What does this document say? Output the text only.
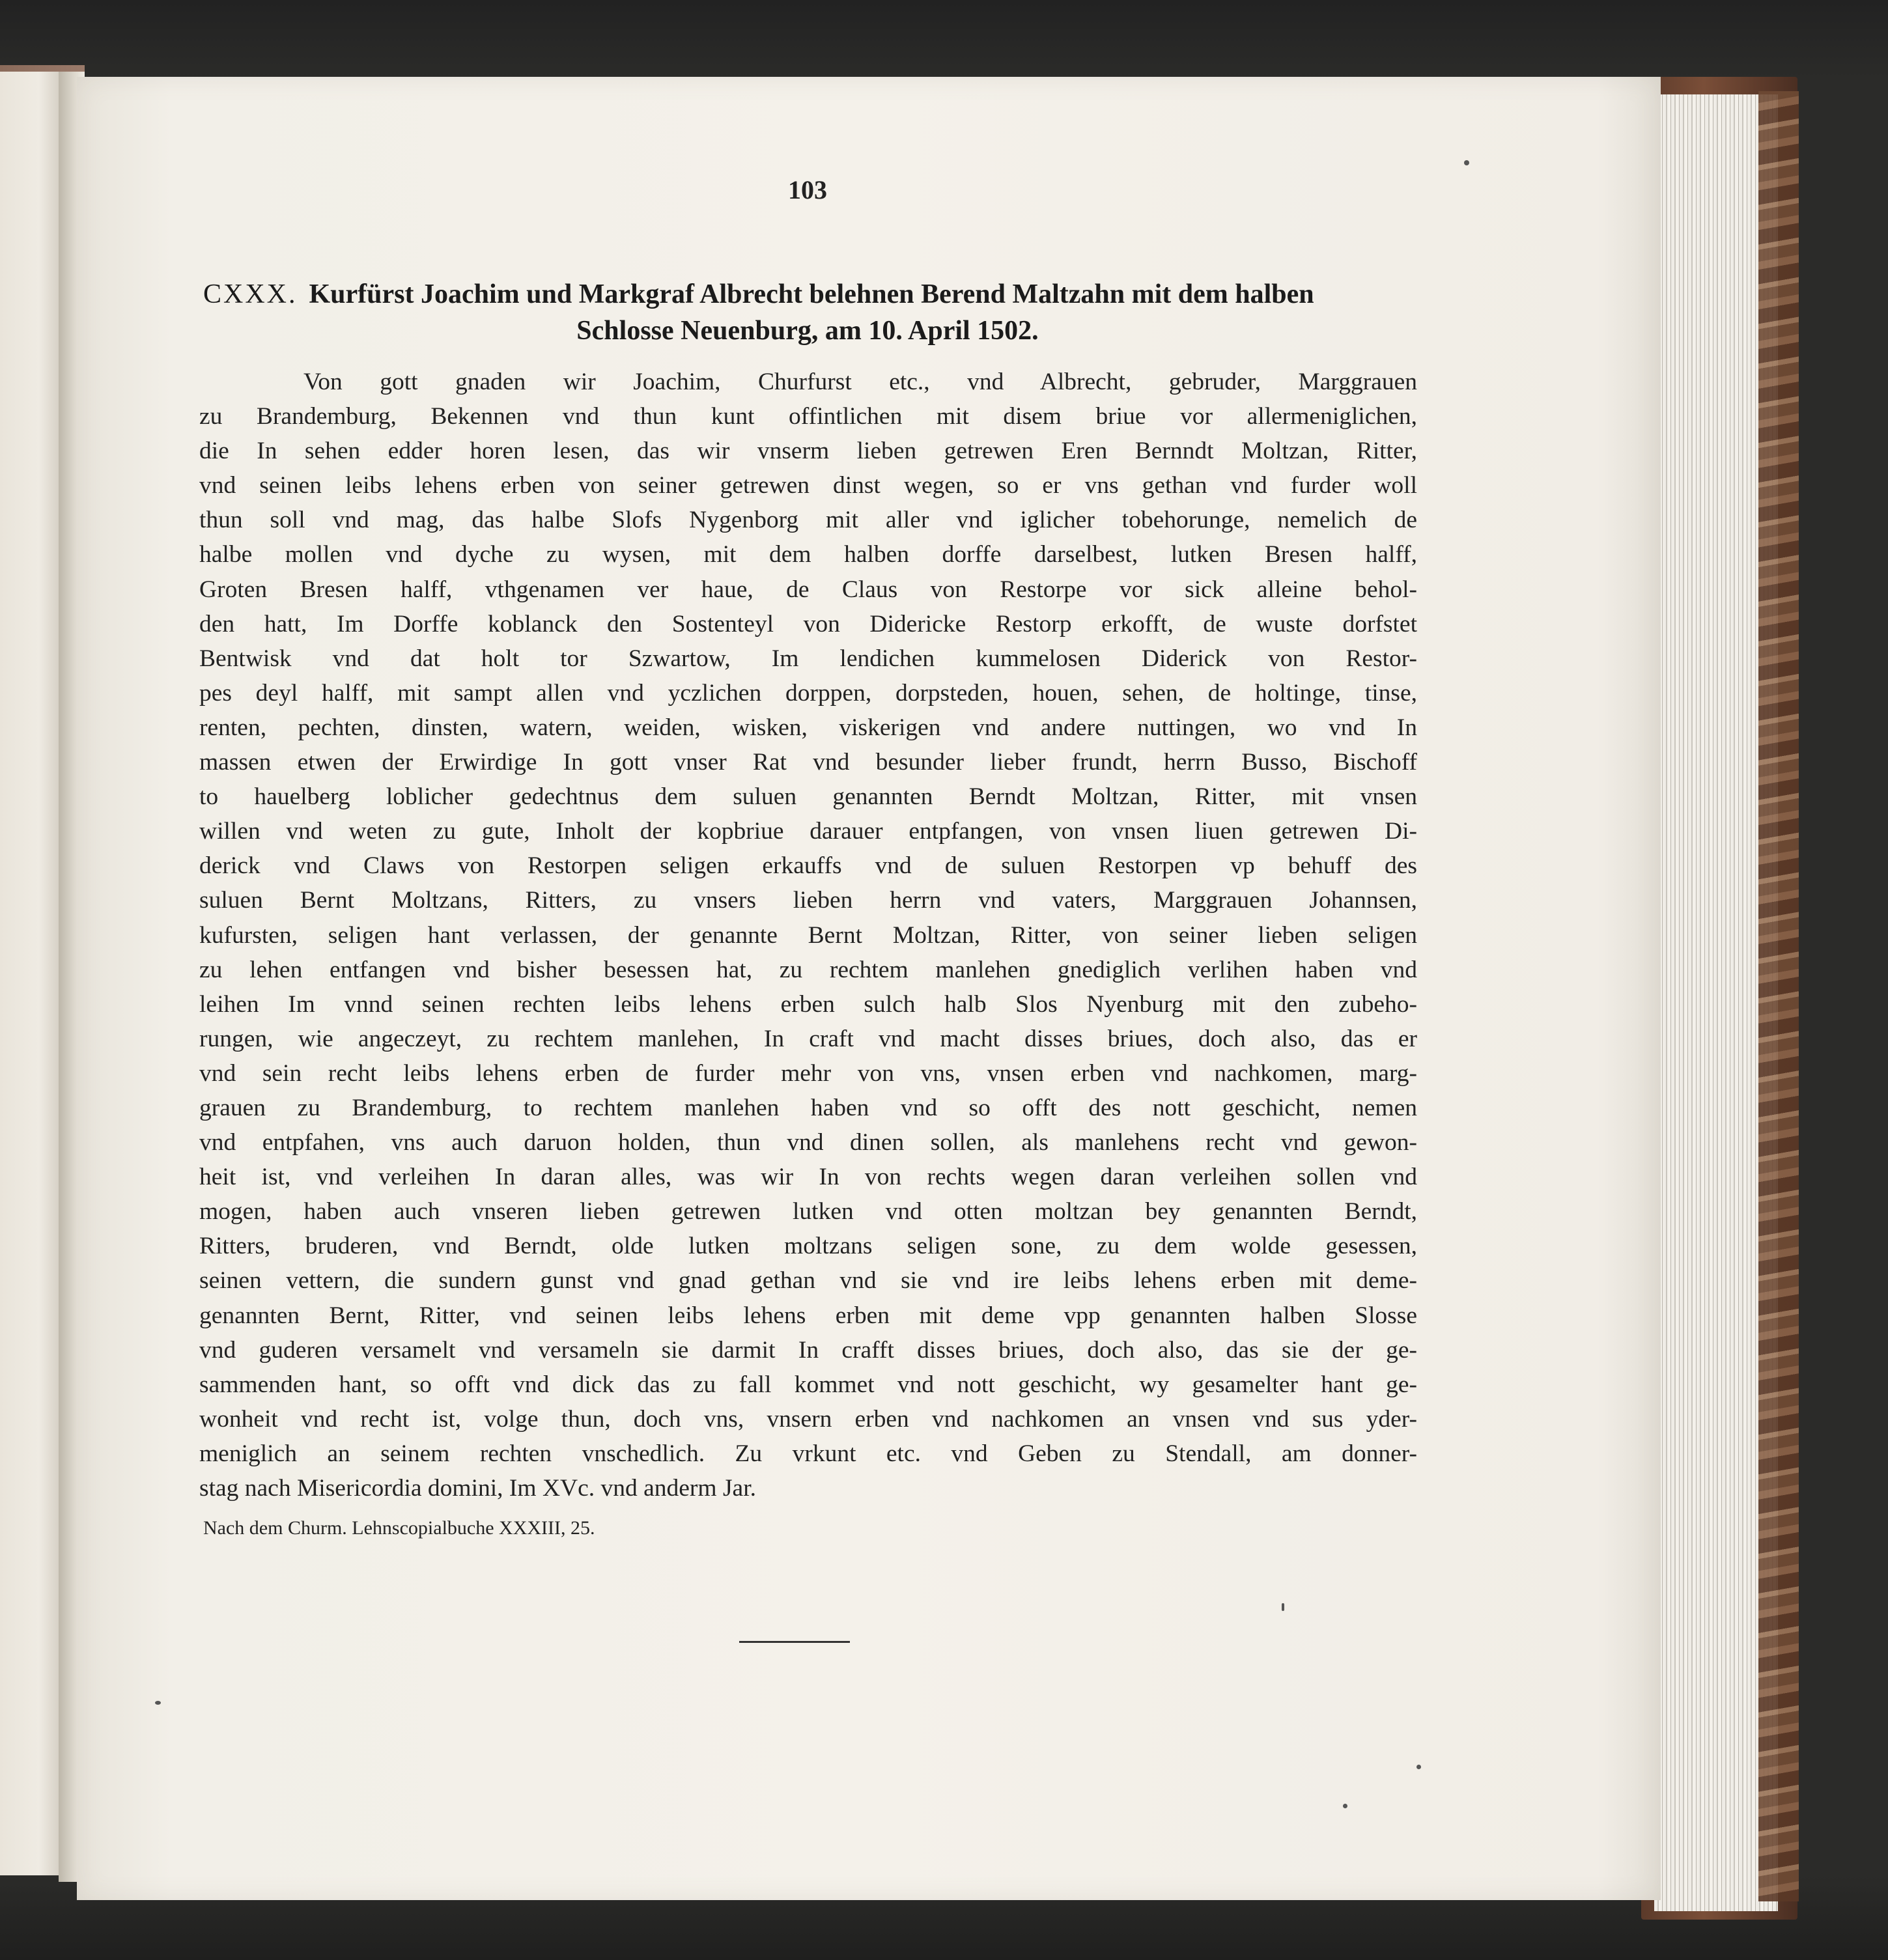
103
CXXX. Kurfürst Joachim und Markgraf Albrecht belehnen Berend Maltzahn mit dem halben
Schlosse Neuenburg, am 10. April 1502.
Von gott gnaden wir Joachim, Churfurst etc., vnd Albrecht, gebruder, Marggrauen
zu Brandemburg, Bekennen vnd thun kunt offintlichen mit disem briue vor allermeniglichen,
die In sehen edder horen lesen, das wir vnserm lieben getrewen Eren Bernndt Moltzan, Ritter,
vnd seinen leibs lehens erben von seiner getrewen dinst wegen, so er vns gethan vnd furder woll
thun soll vnd mag, das halbe Slofs Nygenborg mit aller vnd iglicher tobehorunge, nemelich de
halbe mollen vnd dyche zu wysen, mit dem halben dorffe darselbest, lutken Bresen halff,
Groten Bresen halff, vthgenamen ver haue, de Claus von Restorpe vor sick alleine behol-
den hatt, Im Dorffe koblanck den Sostenteyl von Didericke Restorp erkofft, de wuste dorfstet
Bentwisk vnd dat holt tor Szwartow, Im lendichen kummelosen Diderick von Restor-
pes deyl halff, mit sampt allen vnd yczlichen dorppen, dorpsteden, houen, sehen, de holtinge, tinse,
renten, pechten, dinsten, watern, weiden, wisken, viskerigen vnd andere nuttingen, wo vnd In
massen etwen der Erwirdige In gott vnser Rat vnd besunder lieber frundt, herrn Busso, Bischoff
to hauelberg loblicher gedechtnus dem suluen genannten Berndt Moltzan, Ritter, mit vnsen
willen vnd weten zu gute, Inholt der kopbriue darauer entpfangen, von vnsen liuen getrewen Di-
derick vnd Claws von Restorpen seligen erkauffs vnd de suluen Restorpen vp behuff des
suluen Bernt Moltzans, Ritters, zu vnsers lieben herrn vnd vaters, Marggrauen Johannsen,
kufursten, seligen hant verlassen, der genannte Bernt Moltzan, Ritter, von seiner lieben seligen
zu lehen entfangen vnd bisher besessen hat, zu rechtem manlehen gnediglich verlihen haben vnd
leihen Im vnnd seinen rechten leibs lehens erben sulch halb Slos Nyenburg mit den zubeho-
rungen, wie angeczeyt, zu rechtem manlehen, In craft vnd macht disses briues, doch also, das er
vnd sein recht leibs lehens erben de furder mehr von vns, vnsen erben vnd nachkomen, marg-
grauen zu Brandemburg, to rechtem manlehen haben vnd so offt des nott geschicht, nemen
vnd entpfahen, vns auch daruon holden, thun vnd dinen sollen, als manlehens recht vnd gewon-
heit ist, vnd verleihen In daran alles, was wir In von rechts wegen daran verleihen sollen vnd
mogen, haben auch vnseren lieben getrewen lutken vnd otten moltzan bey genannten Berndt,
Ritters, bruderen, vnd Berndt, olde lutken moltzans seligen sone, zu dem wolde gesessen,
seinen vettern, die sundern gunst vnd gnad gethan vnd sie vnd ire leibs lehens erben mit deme-
genannten Bernt, Ritter, vnd seinen leibs lehens erben mit deme vpp genannten halben Slosse
vnd guderen versamelt vnd versameln sie darmit In crafft disses briues, doch also, das sie der ge-
sammenden hant, so offt vnd dick das zu fall kommet vnd nott geschicht, wy gesamelter hant ge-
wonheit vnd recht ist, volge thun, doch vns, vnsern erben vnd nachkomen an vnsen vnd sus yder-
meniglich an seinem rechten vnschedlich. Zu vrkunt etc. vnd Geben zu Stendall, am donner-
stag nach Misericordia domini, Im XVc. vnd anderm Jar.
Nach dem Churm. Lehnscopialbuche XXXIII, 25.
